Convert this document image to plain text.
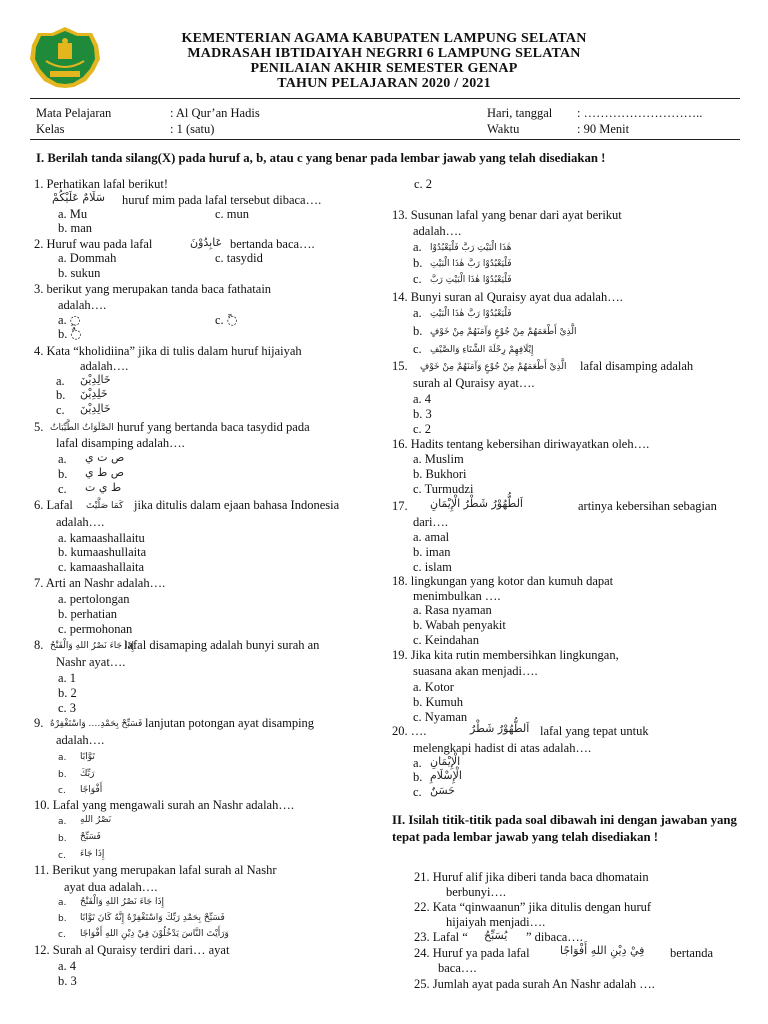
KEMENTERIAN AGAMA KABUPATEN LAMPUNG SELATAN
MADRASAH IBTIDAIYAH NEGRRI 6 LAMPUNG SELATAN
PENILAIAN AKHIR SEMESTER GENAP
TAHUN PELAJARAN 2020 / 2021
Mata Pelajaran	: Al Qur’an Hadis
Kelas	: 1 (satu)
Hari, tanggal : ………………………..
Waktu	: 90 Menit
I. Berilah tanda silang(X) pada huruf a, b, atau c yang benar pada lembar jawab yang telah disediakan !
1. Perhatikan lafal berikut!
سَلَامٌ عَلَيْكُمْ huruf mim pada lafal tersebut dibaca….
a. Mu	c. mun
b. man
2. Huruf wau pada lafal	عَابِدُوْنَ bertanda baca….
a. Dommah	c. tasydid
b. sukun
3. berikut yang merupakan tanda baca fathatain
adalah….
a. ◌ِ	c. ◌ً
b. ◌ٌ
4. Kata “kholidiina” jika di tulis dalam huruf hijaiyah
adalah….
a. خَالِدِيْنَ
b. خَلِدِيْنَ
c. خَالِدِيْنَ
5. الصَّلَوَاتُ الطَّيِّبَاتُ huruf yang bertanda baca tasydid pada
lafal disamping adalah….
a. ص ت ي
b. ص ط ي
c. ط ي ت
6. Lafal كَمَا صَلَّيْتَ jika ditulis dalam ejaan bahasa Indonesia
adalah….
a. kamaashallaitu
b. kumaashullaita
c. kamaashallaita
7. Arti an Nashr adalah….
a. pertolongan
b. perhatian
c. permohonan
8. إِذَا جَاءَ نَصْرُ اللهِ وَالْفَتْحُ
lafal disamaping adalah bunyi surah an
Nashr ayat….
a. 1
b. 2
c. 3
9. فَسَبِّحْ بِحَمْدِ…. وَاسْتَغْفِرْهُ lanjutan potongan ayat disamping
adalah….
a. تَوَّابًا
b. رَبِّكَ
c. أَفْوَاجًا
10. Lafal yang mengawali surah an Nashr adalah….
a. نَصْرُ اللهِ
b. فَسَبِّحْ
c. إِذَا جَاءَ
11. Berikut yang merupakan lafal surah al Nashr
ayat dua adalah….
a. إِذَا جَاءَ نَصْرُ اللهِ وَالْفَتْحُ
b. فَسَبِّحْ بِحَمْدِ رَبِّكَ وَاسْتَغْفِرْهُ إِنَّهُ كَانَ تَوَّابًا
c. وَرَأَيْتَ النَّاسَ يَدْخُلُوْنَ فِيْ دِيْنِ اللهِ أَفْوَاجًا
12. Surah al Quraisy terdiri dari… ayat
a. 4
b. 3
c. 2
13. Susunan lafal yang benar dari ayat berikut
adalah….
a. هٰذَا الْبَيْتِ رَبَّ فَلْيَعْبُدُوْا
b. فَلْيَعْبُدُوْا رَبَّ هٰذَا الْبَيْتِ
c. فَلْيَعْبُدُوْا هٰذَا الْبَيْتِ رَبَّ
14. Bunyi suran al Quraisy ayat dua adalah….
a. فَلْيَعْبُدُوْا رَبَّ هٰذَا الْبَيْتِ
b. الَّذِيْ أَطْعَمَهُمْ مِنْ جُوْعٍ وَآمَنَهُمْ مِنْ خَوْفٍ
c. إِيْلَافِهِمْ رِحْلَةَ الشِّتَاءِ وَالصَّيْفِ
15. الَّذِيْ أَطْعَمَهُمْ مِنْ جُوْعٍ وَآمَنَهُمْ مِنْ خَوْفٍ lafal disamping adalah
surah al Quraisy ayat….
a. 4
b. 3
c. 2
16. Hadits tentang kebersihan diriwayatkan oleh….
a. Muslim
b. Bukhori
c. Turmudzi
17. اَلطُّهُوْرُ شَطْرُ الْإِيْمَانِ	artinya kebersihan sebagian
dari….
a. amal
b. iman
c. islam
18. lingkungan yang kotor dan kumuh dapat
menimbulkan ….
a. Rasa nyaman
b. Wabah penyakit
c. Keindahan
19. Jika kita rutin membersihkan lingkungan,
suasana akan menjadi….
a. Kotor
b. Kumuh
c. Nyaman
20. ….	اَلطُّهُوْرُ شَطْرُ lafal yang tepat untuk
melengkapi hadist di atas adalah….
a. الْإِيْمَانِ
b. الْإِسْلَامِ
c. حَسَنٌ
II. Isilah titik-titik pada soal dibawah ini dengan jawaban yang tepat pada lembar jawab yang telah disediakan !
21. Huruf alif jika diberi tanda baca dhomatain
berbunyi….
22. Kata “qinwaanun” jika ditulis dengan huruf
hijaiyah menjadi….
23. Lafal “ يُسَبِّحُ ” dibaca….
24. Huruf ya pada lafal	فِيْ دِيْنِ اللهِ أَفْوَاجًا bertanda
baca….
25. Jumlah ayat pada surah An Nashr adalah ….
